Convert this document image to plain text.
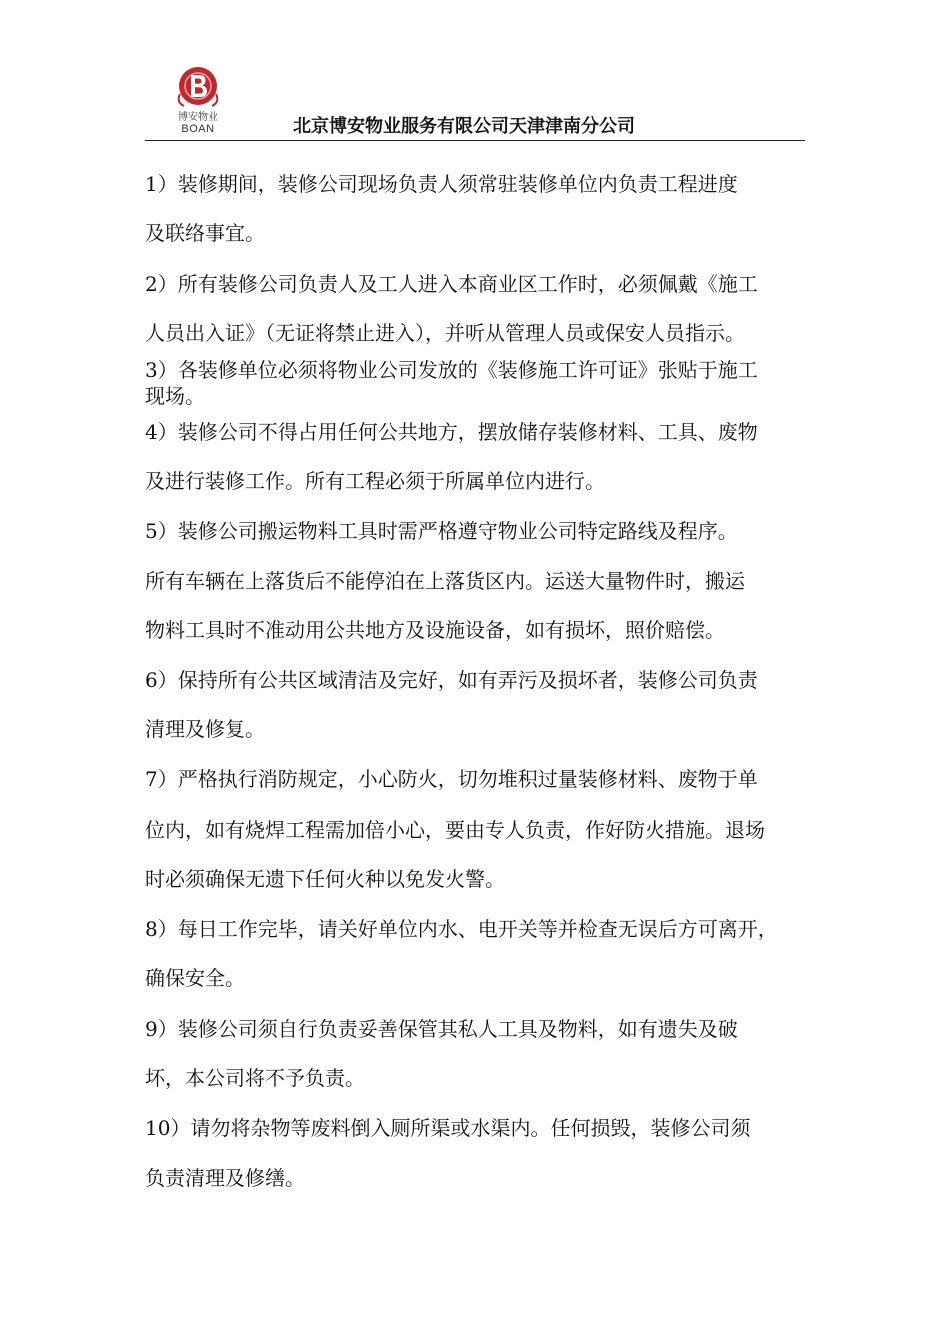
博安物业
BOAN	北京博安物业服务有限公司天津津南分公司
1）装修期间，装修公司现场负责人须常驻装修单位内负责工程进度
及联络事宜。
2）所有装修公司负责人及工人进入本商业区工作时，必须佩戴《施工
人员出入证》（无证将禁止进入），并听从管理人员或保安人员指示。
3）各装修单位必须将物业公司发放的《装修施工许可证》张贴于施工
现场。
4）装修公司不得占用任何公共地方，摆放储存装修材料、工具、废物
及进行装修工作。所有工程必须于所属单位内进行。
5）装修公司搬运物料工具时需严格遵守物业公司特定路线及程序。
所有车辆在上落货后不能停泊在上落货区内。运送大量物件时，搬运
物料工具时不准动用公共地方及设施设备，如有损坏，照价赔偿。
6）保持所有公共区域清洁及完好，如有弄污及损坏者，装修公司负责
清理及修复。
7）严格执行消防规定，小心防火，切勿堆积过量装修材料、废物于单
位内，如有烧焊工程需加倍小心，要由专人负责，作好防火措施。退场
时必须确保无遗下任何火种以免发火警。
8）每日工作完毕，请关好单位内水、电开关等并检查无误后方可离开，
确保安全。
9）装修公司须自行负责妥善保管其私人工具及物料，如有遗失及破
坏，本公司将不予负责。
10）请勿将杂物等废料倒入厕所渠或水渠内。任何损毁，装修公司须
负责清理及修缮。
